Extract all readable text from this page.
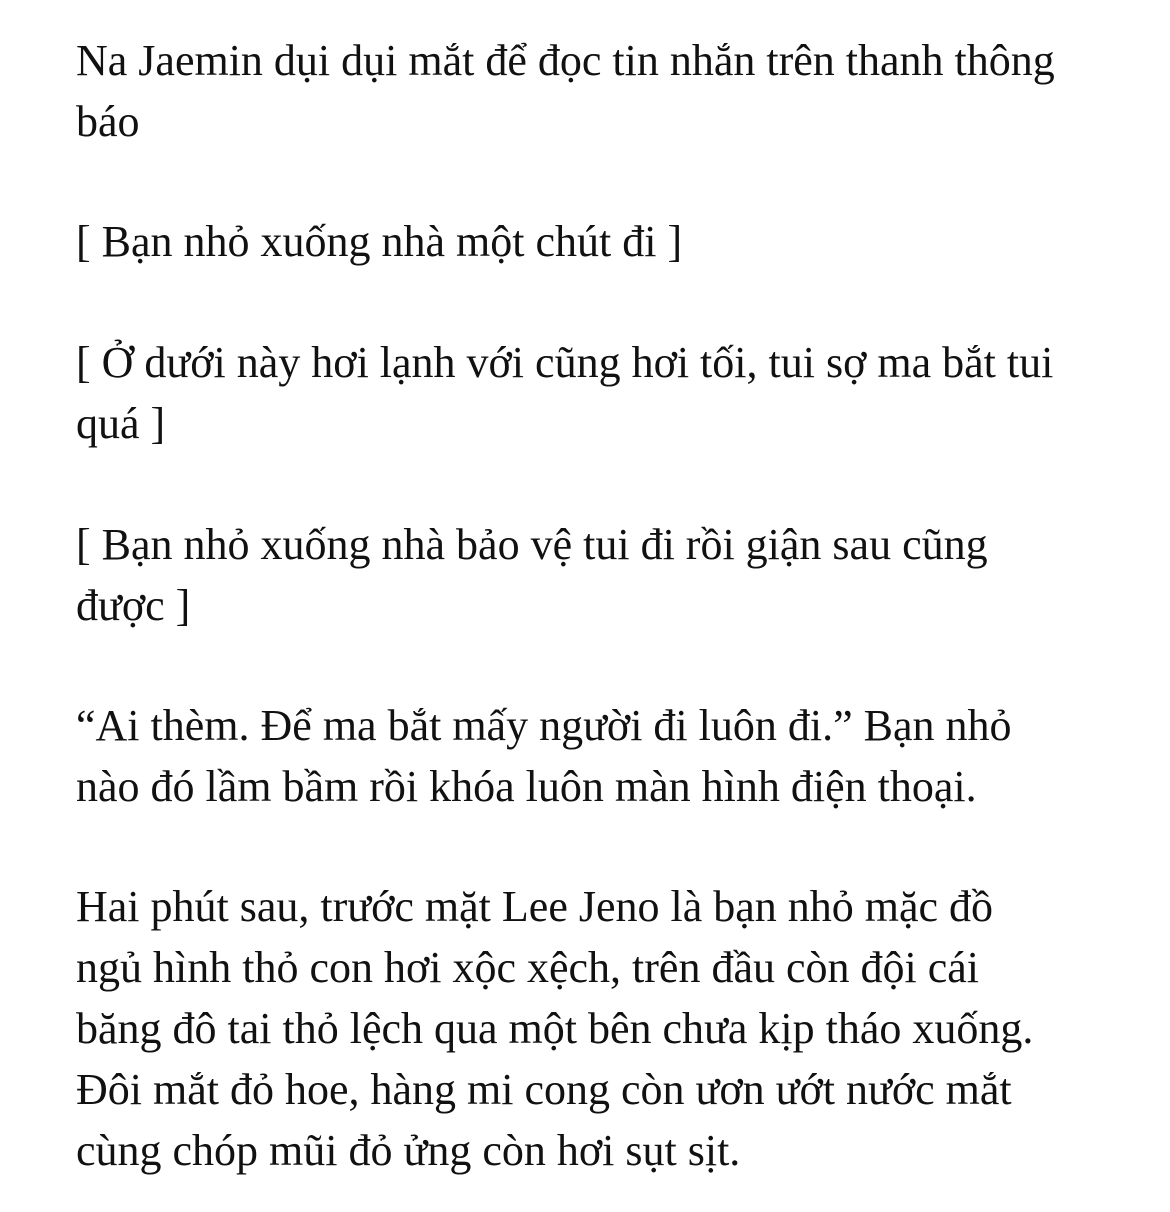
Na Jaemin dụi dụi mắt để đọc tin nhắn trên thanh thông
báo

[ Bạn nhỏ xuống nhà một chút đi ]

[ Ở dưới này hơi lạnh với cũng hơi tối, tui sợ ma bắt tui
quá ]

[ Bạn nhỏ xuống nhà bảo vệ tui đi rồi giận sau cũng
được ]

“Ai thèm. Để ma bắt mấy người đi luôn đi.” Bạn nhỏ
nào đó lầm bầm rồi khóa luôn màn hình điện thoại.

Hai phút sau, trước mặt Lee Jeno là bạn nhỏ mặc đồ
ngủ hình thỏ con hơi xộc xệch, trên đầu còn đội cái
băng đô tai thỏ lệch qua một bên chưa kịp tháo xuống.
Đôi mắt đỏ hoe, hàng mi cong còn ươn ướt nước mắt
cùng chóp mũi đỏ ửng còn hơi sụt sịt.
